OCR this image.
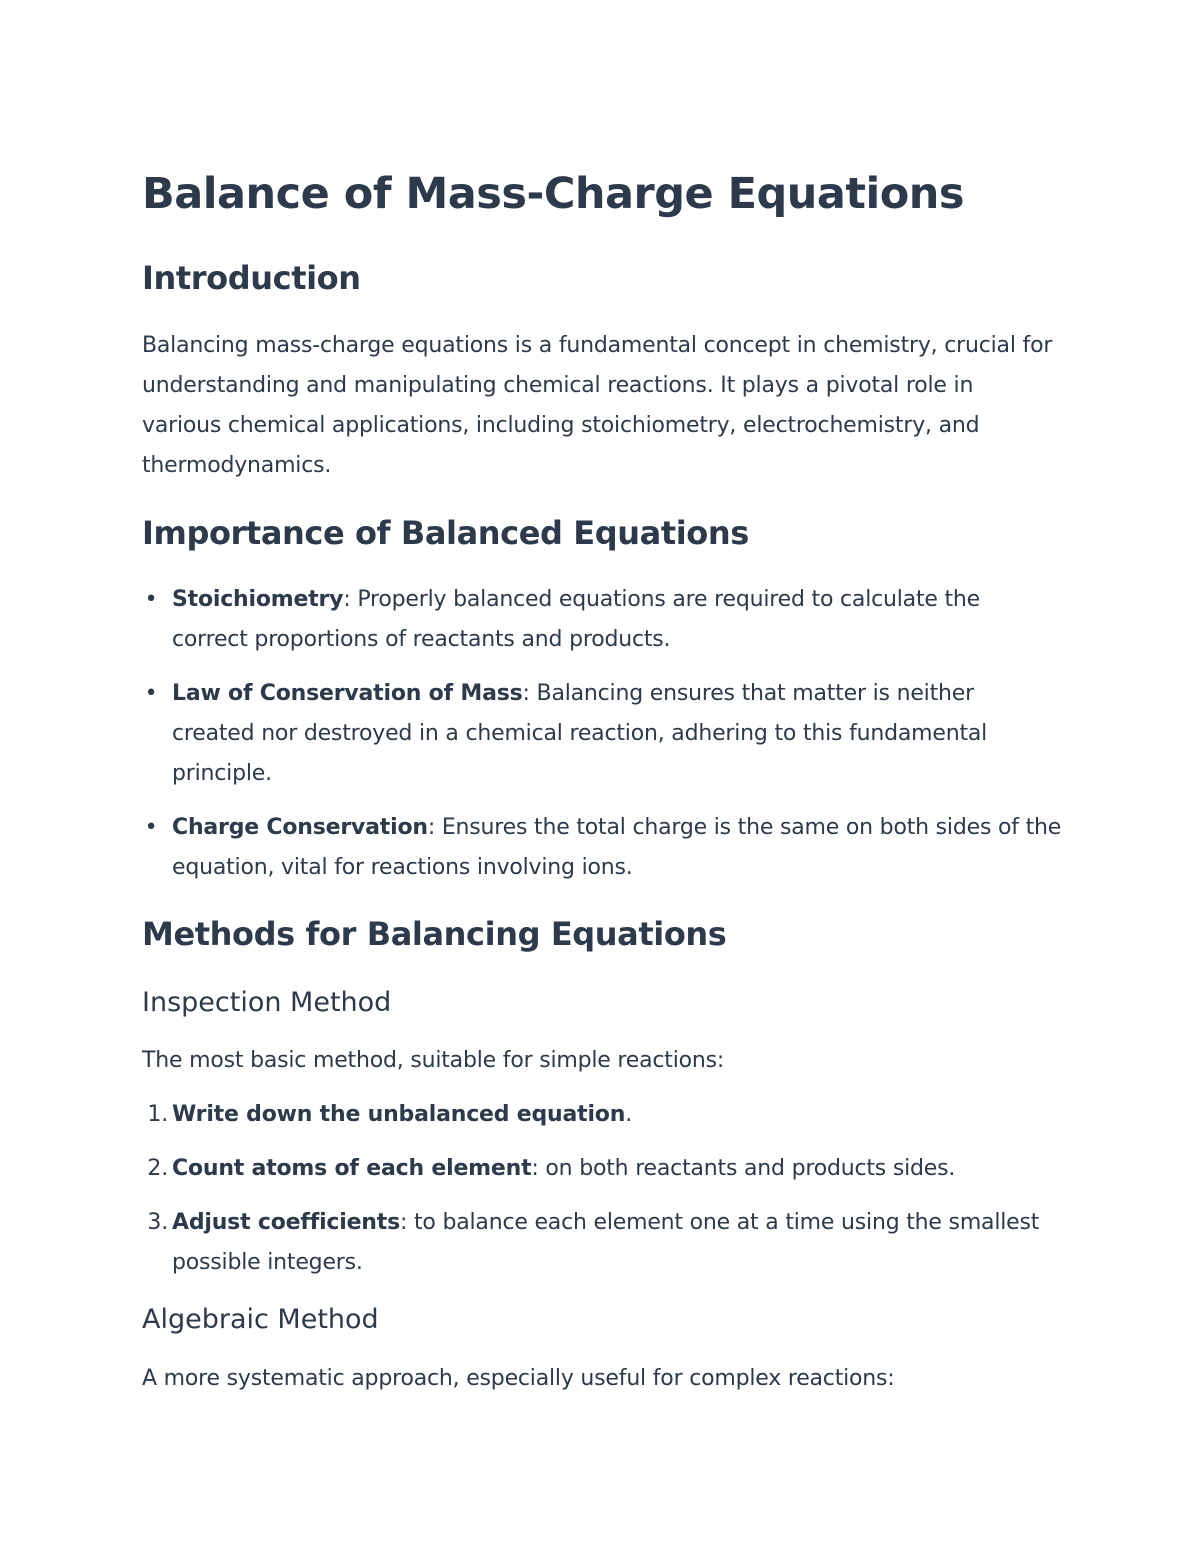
Balance of Mass-Charge Equations
Introduction

Balancing mass-charge equations is a fundamental concept in chemistry, crucial for understanding and manipulating chemical reactions. It plays a pivotal role in various chemical applications, including stoichiometry, electrochemistry, and thermodynamics.

Importance of Balanced Equations
• Stoichiometry: Properly balanced equations are required to calculate the correct proportions of reactants and products.
• Law of Conservation of Mass: Balancing ensures that matter is neither created nor destroyed in a chemical reaction, adhering to this fundamental principle.
• Charge Conservation: Ensures the total charge is the same on both sides of the equation, vital for reactions involving ions.
Methods for Balancing Equations
Inspection Method

The most basic method, suitable for simple reactions:

1. Write down the unbalanced equation.
2. Count atoms of each element: on both reactants and products sides.
3. Adjust coefficients: to balance each element one at a time using the smallest possible integers.
Algebraic Method

A more systematic approach, especially useful for complex reactions:
